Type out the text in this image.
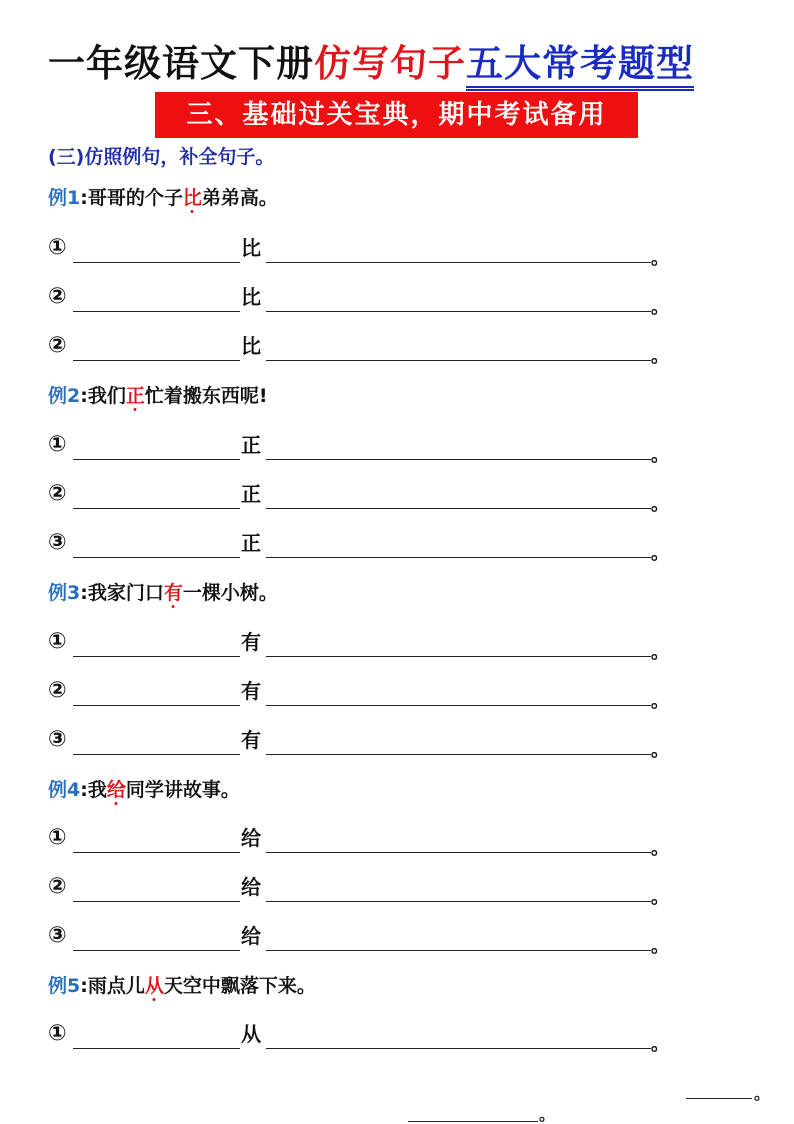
一年级语文下册仿写句子五大常考题型
三、基础过关宝典，期中考试备用
(三)仿照例句，补全句子。
例1:哥哥的个子比弟弟高。
①	比	。
②	比	。
②	比	。
例2:我们正忙着搬东西呢!
①	正	。
②	正	。
③	正	。
例3:我家门口有一棵小树。
①	有	。
②	有	。
③	有	。
例4:我给同学讲故事。
①	给	。
②	给	。
③	给	。
例5:雨点儿从天空中飘落下来。
①	从	。
。
。
